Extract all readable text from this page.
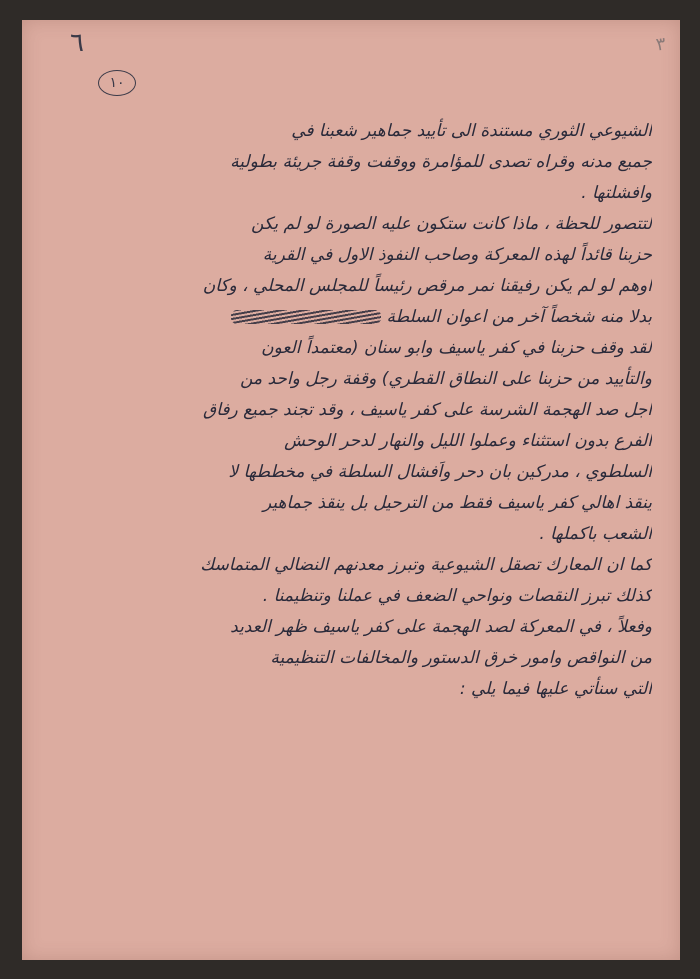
٦
١٠
٣
الشيوعي الثوري مستندة الى تأييد جماهير شعبنا في
جميع مدنه وقراه تصدى للمؤامرة ووقفت وقفة جريئة بطولية
وافشلتها .
لتتصور للحظة ، ماذا كانت ستكون عليه الصورة لو لم يكن
حزبنا قائداً لهذه المعركة وصاحب النفوذ الاول في القرية
اوهم لو لم يكن رفيقنا نمر مرقص رئيساً للمجلس المحلي ، وكان
بدلا منه شخصاً آخر من اعوان السلطة
لقد وقف حزبنا في كفر ياسيف وابو سنان (معتمداً العون
والتأييد من حزبنا على النطاق القطري) وقفة رجل واحد من
اجل صد الهجمة الشرسة على كفر ياسيف ، وقد تجند جميع رفاق
الفرع بدون استثناء وعملوا الليل والنهار لدحر الوحش
السلطوي ، مدركين بان دحر واَفشال السلطة في مخططها لا
ينقذ اهالي كفر ياسيف فقط من الترحيل بل ينقذ جماهير
الشعب باكملها .
كما ان المعارك تصقل الشيوعية وتبرز معدنهم النضالي المتماسك
كذلك تبرز النقصات ونواحي الضعف في عملنا وتنظيمنا .
وفعلاً ، في المعركة لصد الهجمة على كفر ياسيف ظهر العديد
من النواقص وامور خرق الدستور والمخالفات التنظيمية
التي سنأتي عليها فيما يلي :
